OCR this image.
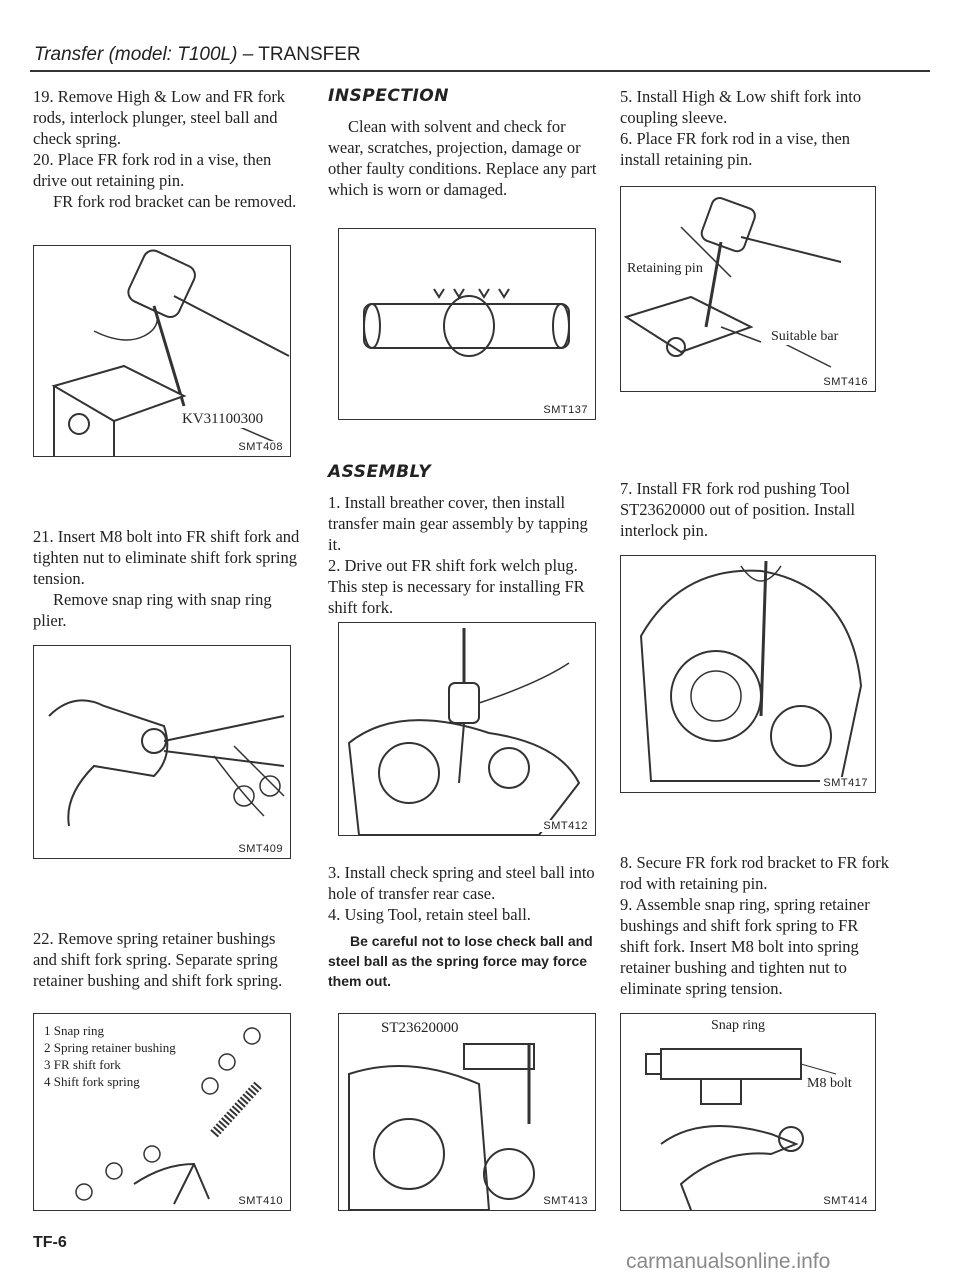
Transfer (model: T100L) – TRANSFER

19. Remove High & Low and FR fork rods, interlock plunger, steel ball and check spring.

20. Place FR fork rod in a vise, then drive out retaining pin.

FR fork rod bracket can be removed.

KV31100300
SMT408

21. Insert M8 bolt into FR shift fork and tighten nut to eliminate shift fork spring tension.

Remove snap ring with snap ring plier.

SMT409

22. Remove spring retainer bushings and shift fork spring. Separate spring retainer bushing and shift fork spring.

1 Snap ring
2 Spring retainer bushing
3 FR shift fork
4 Shift fork spring
SMT410
INSPECTION

Clean with solvent and check for wear, scratches, projection, damage or other faulty conditions. Replace any part which is worn or damaged.

SMT137
ASSEMBLY

1. Install breather cover, then install transfer main gear assembly by tapping it.

2. Drive out FR shift fork welch plug. This step is necessary for installing FR shift fork.

SMT412

3. Install check spring and steel ball into hole of transfer rear case.

4. Using Tool, retain steel ball.

Be careful not to lose check ball and steel ball as the spring force may force them out.

ST23620000
SMT413

5. Install High & Low shift fork into coupling sleeve.

6. Place FR fork rod in a vise, then install retaining pin.

Retaining pin
Suitable bar
SMT416

7. Install FR fork rod pushing Tool ST23620000 out of position. Install interlock pin.

SMT417

8. Secure FR fork rod bracket to FR fork rod with retaining pin.

9. Assemble snap ring, spring retainer bushings and shift fork spring to FR shift fork. Insert M8 bolt into spring retainer bushing and tighten nut to eliminate spring tension.

Snap ring
M8 bolt
SMT414
TF-6
carmanualsonline.info
